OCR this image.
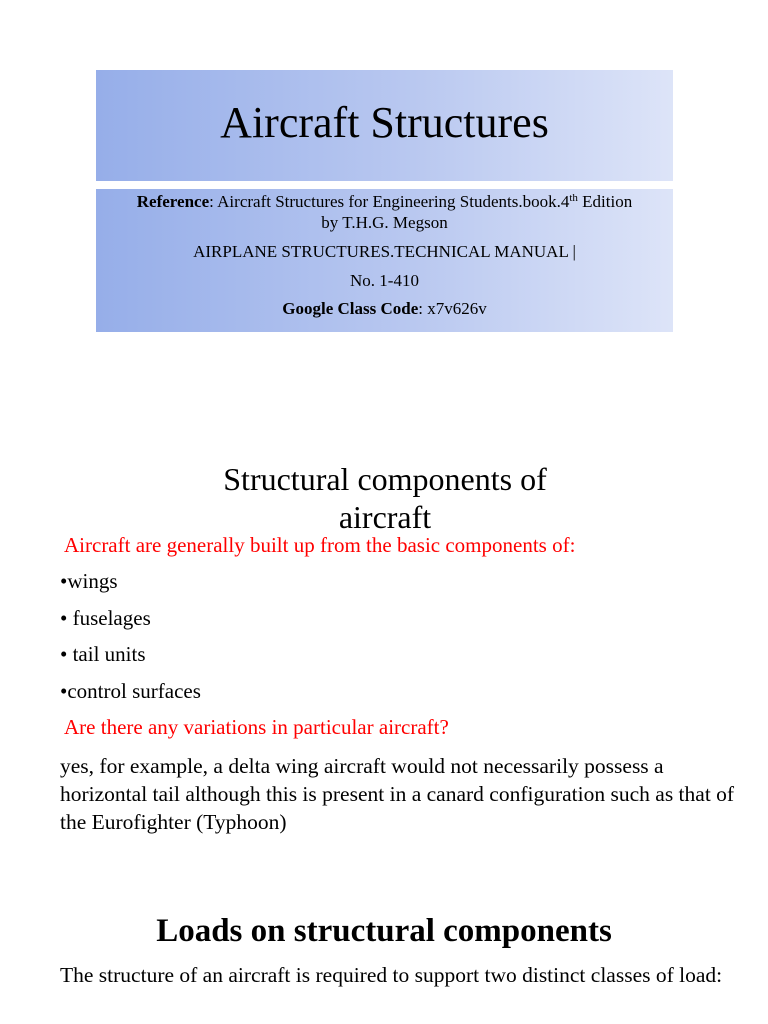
Aircraft Structures
Reference: Aircraft Structures for Engineering Students.book.4th Edition
by T.H.G. Megson
AIRPLANE STRUCTURES.TECHNICAL MANUAL |
No. 1-410
Google Class Code: x7v626v
Structural components of
aircraft
Aircraft are generally built up from the basic components of:
•wings
• fuselages
• tail units
•control surfaces
Are there any variations in particular aircraft?
yes, for example, a delta wing aircraft would not necessarily possess a horizontal tail although this is present in a canard configuration such as that of the Eurofighter (Typhoon)
Loads on structural components
The structure of an aircraft is required to support two distinct classes of load:
